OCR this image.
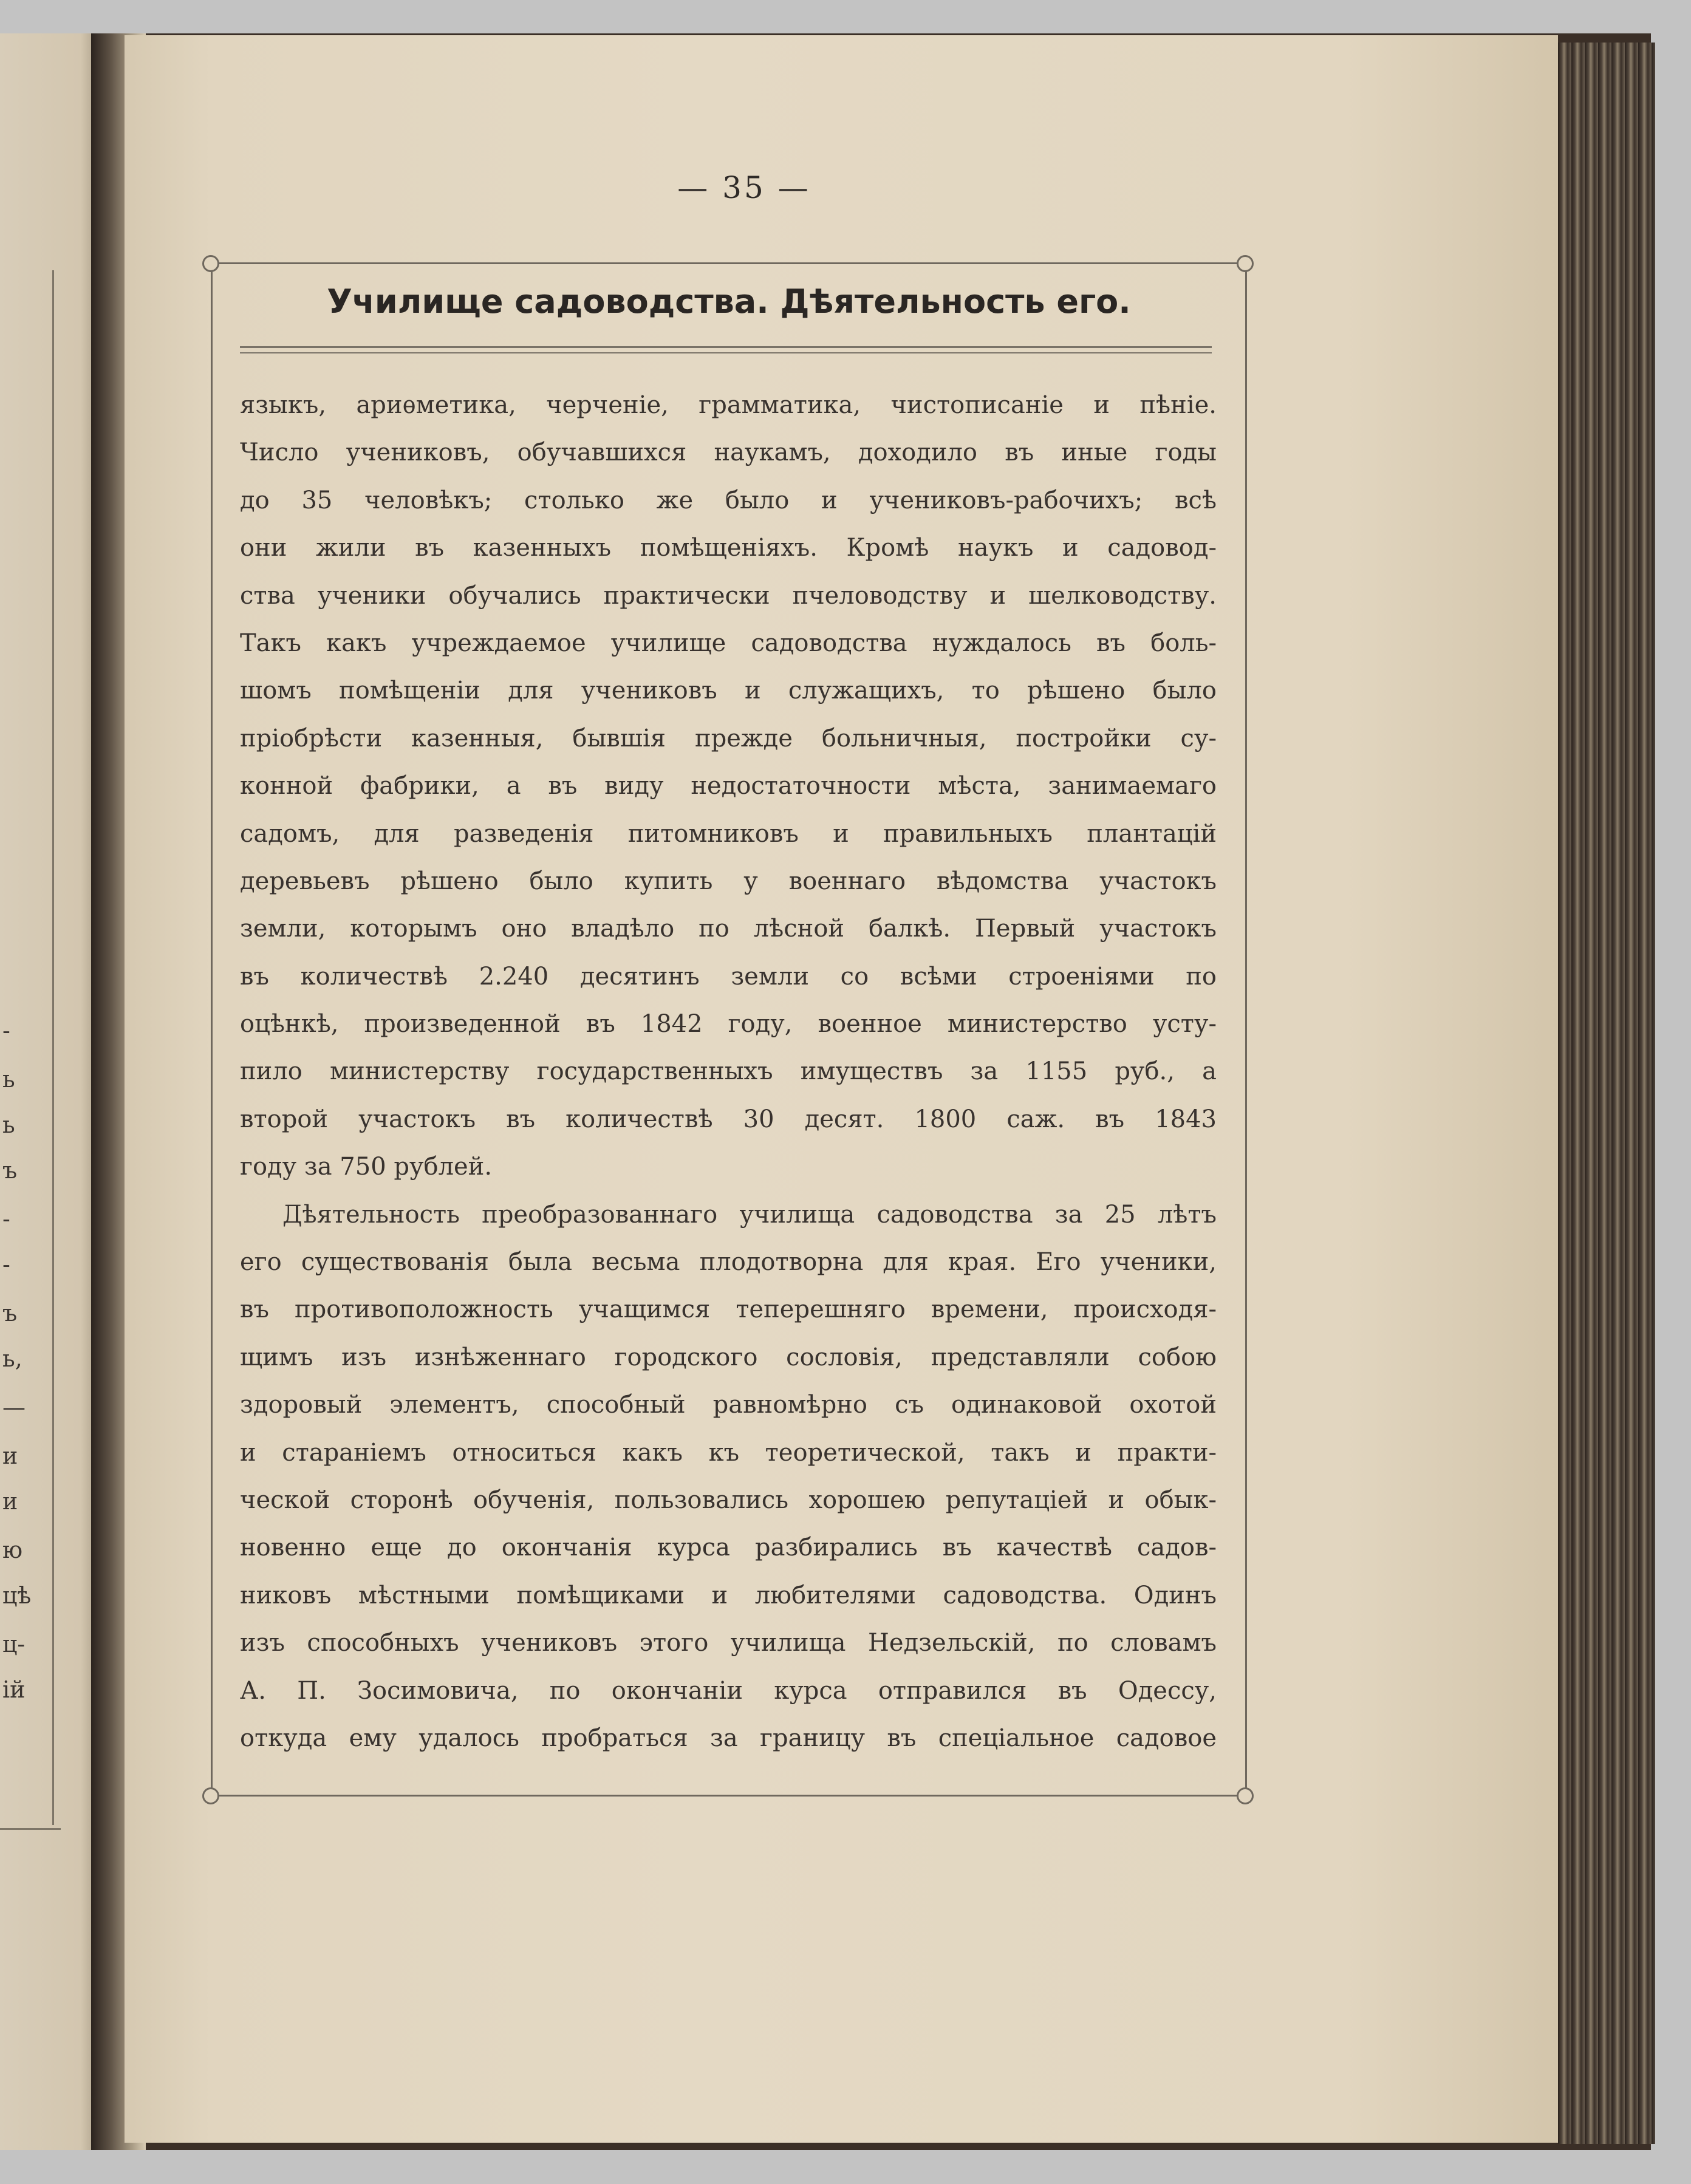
-
ь
ь
ъ
-
-
ъ
ь,
—
и
и
ю
цѣ
ц-
ій
— 35 —
Училище садоводства. Дѣятельность его.
языкъ, ариѳметика, черченіе, грамматика, чистописаніе и пѣніе.
Число учениковъ, обучавшихся наукамъ, доходило въ иные годы
до 35 человѣкъ; столько же было и учениковъ-рабочихъ; всѣ
они жили въ казенныхъ помѣщеніяхъ. Кромѣ наукъ и садовод-
ства ученики обучались практически пчеловодству и шелководству.
Такъ какъ учреждаемое училище садоводства нуждалось въ боль-
шомъ помѣщеніи для учениковъ и служащихъ, то рѣшено было
пріобрѣсти казенныя, бывшія прежде больничныя, постройки су-
конной фабрики, а въ виду недостаточности мѣста, занимаемаго
садомъ, для разведенія питомниковъ и правильныхъ плантацій
деревьевъ рѣшено было купить у военнаго вѣдомства участокъ
земли, которымъ оно владѣло по лѣсной балкѣ. Первый участокъ
въ количествѣ 2.240 десятинъ земли со всѣми строеніями по
оцѣнкѣ, произведенной въ 1842 году, военное министерство усту-
пило министерству государственныхъ имуществъ за 1155 руб., а
второй участокъ въ количествѣ 30 десят. 1800 саж. въ 1843
году за 750 рублей.
Дѣятельность преобразованнаго училища садоводства за 25 лѣтъ
его существованія была весьма плодотворна для края. Его ученики,
въ противоположность учащимся теперешняго времени, происходя-
щимъ изъ изнѣженнаго городского сословія, представляли собою
здоровый элементъ, способный равномѣрно съ одинаковой охотой
и стараніемъ относиться какъ къ теоретической, такъ и практи-
ческой сторонѣ обученія, пользовались хорошею репутаціей и обык-
новенно еще до окончанія курса разбирались въ качествѣ садов-
никовъ мѣстными помѣщиками и любителями садоводства. Одинъ
изъ способныхъ учениковъ этого училища Недзельскій, по словамъ
А. П. Зосимовича, по окончаніи курса отправился въ Одессу,
откуда ему удалось пробраться за границу въ спеціальное садовое
